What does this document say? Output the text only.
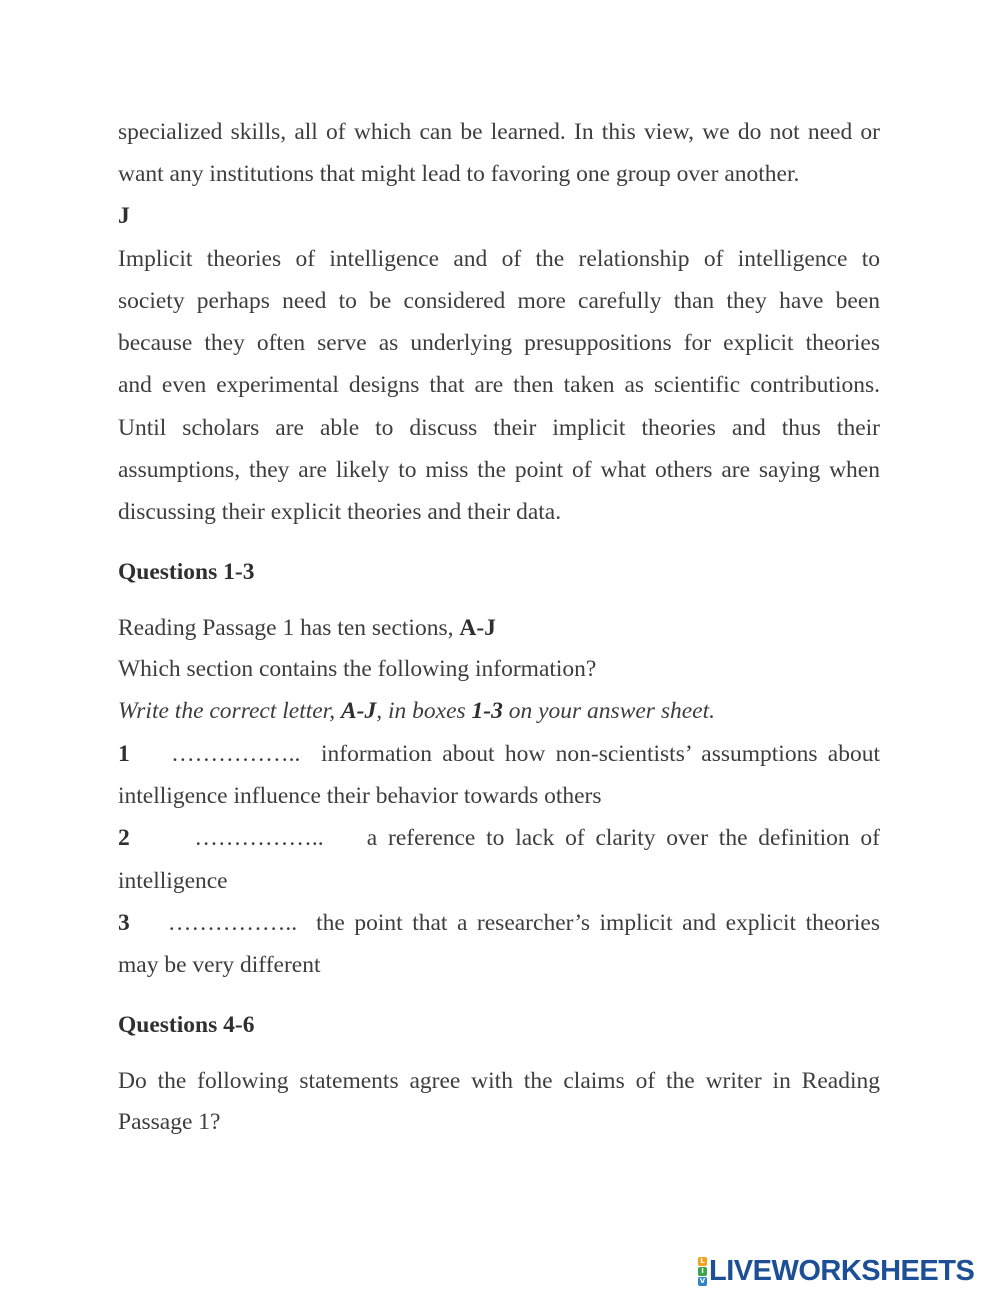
specialized skills, all of which can be learned. In this view, we do not need or
want any institutions that might lead to favoring one group over another.
J
Implicit theories of intelligence and of the relationship of intelligence to
society perhaps need to be considered more carefully than they have been
because they often serve as underlying presuppositions for explicit theories
and even experimental designs that are then taken as scientific contributions.
Until scholars are able to discuss their implicit theories and thus their
assumptions, they are likely to miss the point of what others are saying when
discussing their explicit theories and their data.
Questions 1-3
Reading Passage 1 has ten sections, A-J
Which section contains the following information?
Write the correct letter, A-J, in boxes 1-3 on your answer sheet.
1 …………….. information about how non-scientists’ assumptions about
intelligence influence their behavior towards others
2	…………….. a reference to lack of clarity over the definition of
intelligence
3 …………….. the point that a researcher’s implicit and explicit theories
may be very different
Questions 4-6
Do the following statements agree with the claims of the writer in Reading
Passage 1?
L
I
V LIVEWORKSHEETS
